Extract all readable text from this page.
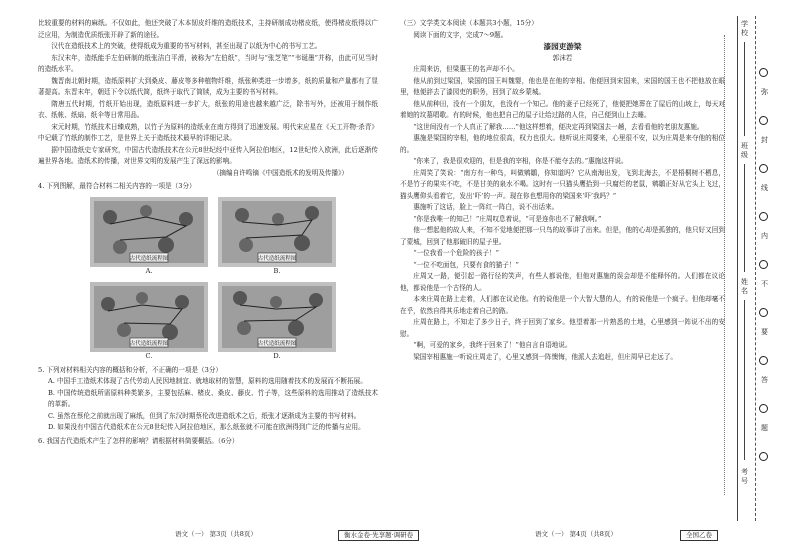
比较重要的材料的麻纸。不仅如此，他还突破了木本韧皮纤维的造纸技术，主持研制成功楮皮纸，使得楮皮纸得以广泛应用，为制造优质纸张开辟了新的途径。

汉代在造纸技术上的突破，使得纸成为重要的书写材料，甚至出现了以纸为中心的书写工艺。

东汉末年，造纸能手左伯研制的纸张洁白平滑，被称为“左伯纸”，当时与“张芝笔”“韦诞墨”并称，由此可见当时的造纸水平。

魏晋南北朝时期，造纸原料扩大到桑皮、藤皮等多种植物纤维，纸张种类进一步增多，纸的质量和产量都有了显著提高。东晋末年，朝廷下令以纸代简，纸终于取代了简牍，成为主要的书写材料。

隋唐五代时期，竹纸开始出现，造纸原料进一步扩大，纸张的用途也越来越广泛，除书写外，还被用于制作纸衣、纸帐、纸扇、纸伞等日常用品。

宋元时期，竹纸技术日臻成熟，以竹子为原料的造纸业在南方得到了迅速发展。明代宋应星在《天工开物·杀青》中记载了竹纸的制作工艺，是世界上关于造纸技术最早的详细记录。

据中国造纸史专家研究，中国古代造纸技术在公元8世纪经中亚传入阿拉伯地区，12世纪传入欧洲，此后逐渐传遍世界各地。造纸术的传播，对世界文明的发展产生了深远的影响。

（摘编自许鸣镝《中国造纸术的发明及传播》）

4. 下列图解，最符合材料二相关内容的一项是（3分）

古代造纸流程图
A.
古代造纸流程图
B.
古代造纸流程图
C.
古代造纸流程图
D.

5. 下列对材料相关内容的概括和分析，不正确的一项是（3分）

A. 中国手工造纸术体现了古代劳动人民因地制宜、就地取材的智慧，原料的选用随着技术的发展而不断拓展。

B. 中国传统造纸所需原料种类繁多，主要包括麻、楮皮、桑皮、藤皮、竹子等，这些原料的选用推动了造纸技术的革新。

C. 虽然在蔡伦之前就出现了麻纸，但到了东汉时期蔡伦改进造纸术之后，纸张才逐渐成为主要的书写材料。

D. 如果没有中国古代造纸术在公元8世纪传入阿拉伯地区，那么纸张就不可能在欧洲得到广泛的传播与应用。

6. 我国古代造纸术产生了怎样的影响？请根据材料简要概括。（6分）

（三）文学类文本阅读（本题共3小题，15分）

阅读下面的文字，完成7～9题。

漆园吏游梁

郭沫若

庄周来访，但梁惠王的名声却不小。

他从前到过梁国，梁国的国王叫魏婴，他也是在他的宰相。他便回到宋国来，宋国的国王也不把他放在眼里，他便辞去了漆园吏的职务，回到了故乡蒙城。

他从前种田，没有一个朋友，也没有一个知己。他的妻子已经死了，他便把她葬在了屋后的山坡上，每天对着她的坟墓唱歌。有的时候，他也把自己的屋子让给过路的人住，自己便到山上去睡。

“这世间没有一个人真正了解我……”他这样想着，便决定再到梁国去一趟，去看看他的老朋友惠施。

惠施是梁国的宰相，他的地位很高，权力也很大。他听说庄周要来，心里很不安，以为庄周是来夺他的相位的。

“你来了，我是很欢迎的，但是我的宰相，你是不能夺去的。”惠施这样说。

庄周笑了笑说：“南方有一种鸟，叫做鹓鶵，你知道吗？它从南海出发，飞到北海去，不是梧桐树不栖息，不是竹子的果实不吃，不是甘美的泉水不喝。这时有一只猫头鹰拾到一只腐烂的老鼠，鹓鶵正好从它头上飞过，猫头鹰仰头看着它，发出‘吓’的一声。现在你也想用你的梁国来‘吓’我吗？”

惠施听了这话，脸上一阵红一阵白，说不出话来。

“你是我唯一的知己！”庄周叹息着说，“可是连你也不了解我啊。”

他一想起他的故人来，不知不觉地便把那一只鸟的故事讲了出来。但是，他的心却是孤独的，他只好又回到了蒙城，回到了他那破旧的屋子里。

“一位我看一个危险的孩子！”

“一位不吃面包，只要有食的猫子！”

庄周又一路，便引起一路行径的笑声，有些人都说他，但他对惠施的误会却是不能释怀的。人们都在议论他，都说他是一个古怪的人。

本来庄周在路上走着，人们都在议论他。有的说他是一个大智大慧的人，有的说他是一个疯子。但他却毫不在乎，依然自得其乐地走着自己的路。

庄周在路上，不知走了多少日子，终于回到了家乡。他望着那一片熟悉的土地，心里感到一阵说不出的安慰。

“啊，可爱的家乡，我终于回来了！”他自言自语地说。

梁国宰相惠施一听说庄周走了，心里又感到一阵懊悔，他派人去追赶，但庄周早已走远了。

学校
班级
姓名
考号
弥
封
线
内
不
要
答
题
语文（一） 第3页（共8页）	衡水金卷·先享题·调研卷	语文（一） 第4页（共8页）	全国乙卷
